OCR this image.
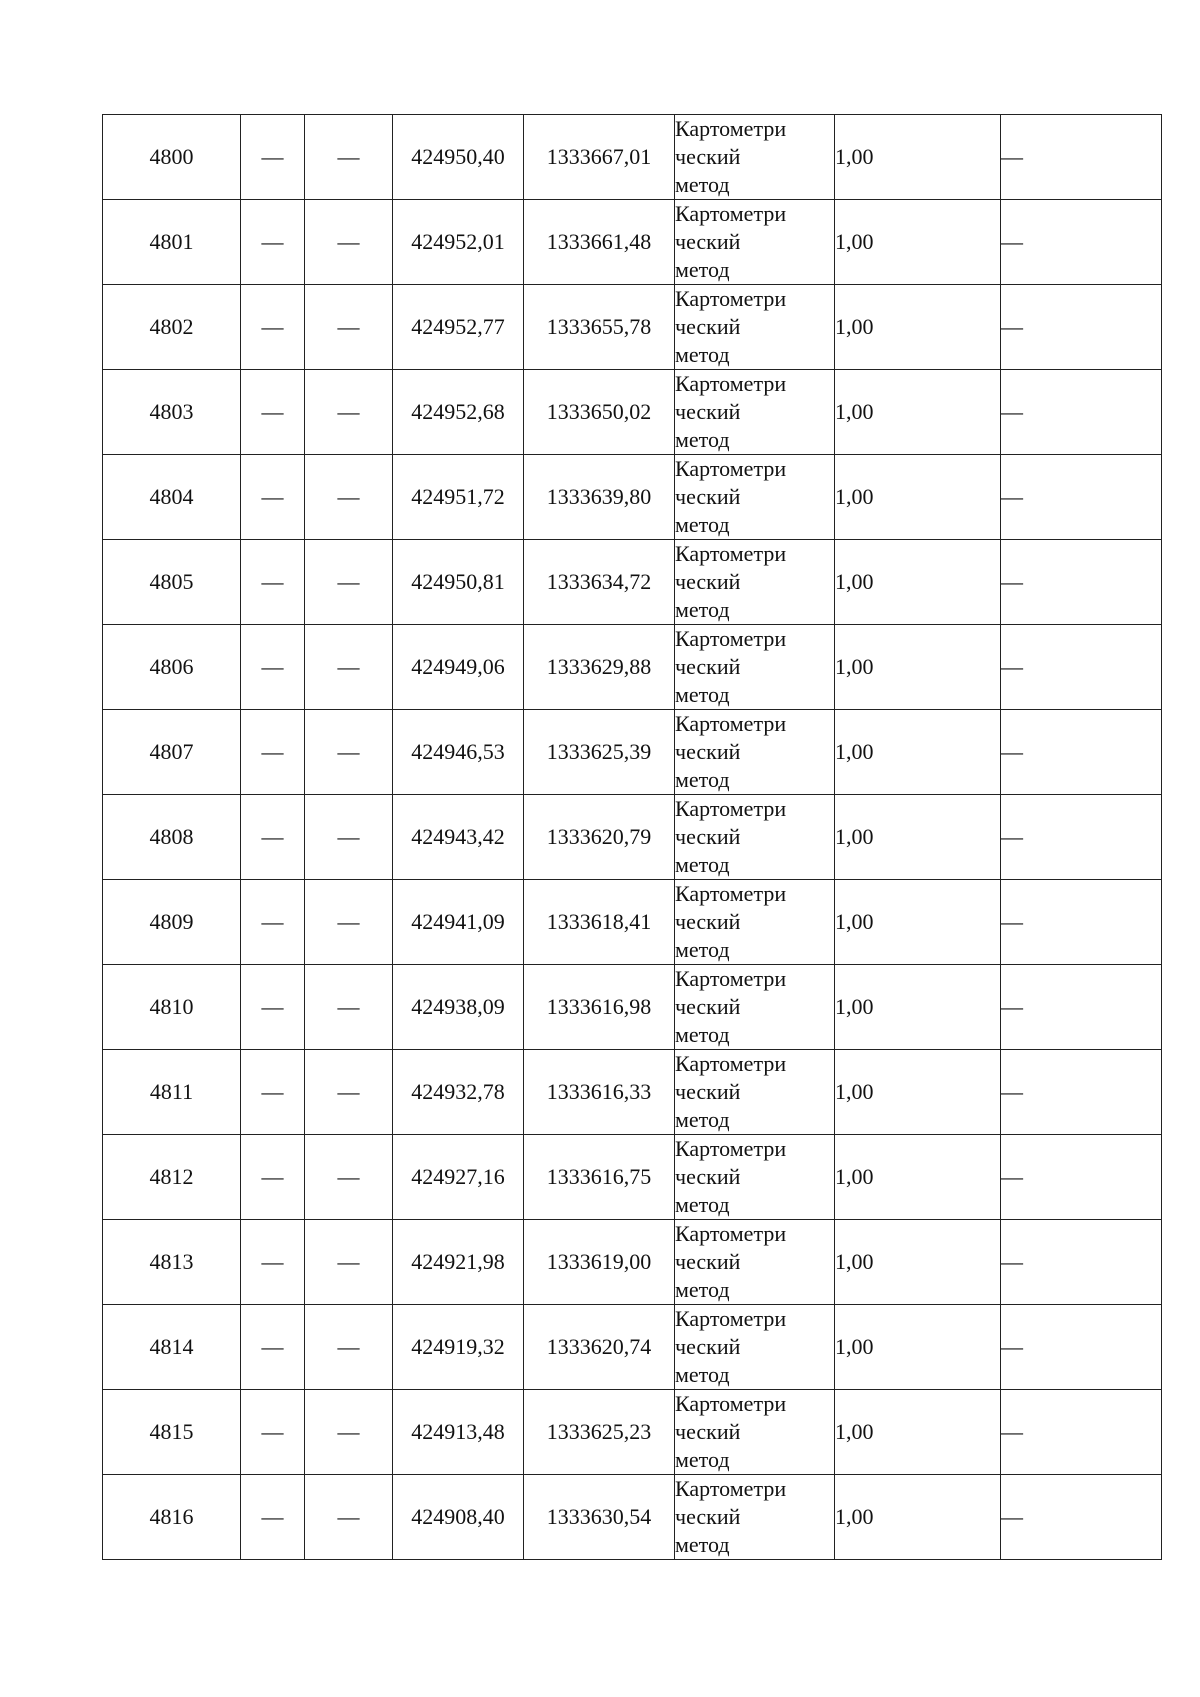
4800	—	—	424950,40	1333667,01	Картометри
ческий
метод	1,00	—
4801	—	—	424952,01	1333661,48	Картометри
ческий
метод	1,00	—
4802	—	—	424952,77	1333655,78	Картометри
ческий
метод	1,00	—
4803	—	—	424952,68	1333650,02	Картометри
ческий
метод	1,00	—
4804	—	—	424951,72	1333639,80	Картометри
ческий
метод	1,00	—
4805	—	—	424950,81	1333634,72	Картометри
ческий
метод	1,00	—
4806	—	—	424949,06	1333629,88	Картометри
ческий
метод	1,00	—
4807	—	—	424946,53	1333625,39	Картометри
ческий
метод	1,00	—
4808	—	—	424943,42	1333620,79	Картометри
ческий
метод	1,00	—
4809	—	—	424941,09	1333618,41	Картометри
ческий
метод	1,00	—
4810	—	—	424938,09	1333616,98	Картометри
ческий
метод	1,00	—
4811	—	—	424932,78	1333616,33	Картометри
ческий
метод	1,00	—
4812	—	—	424927,16	1333616,75	Картометри
ческий
метод	1,00	—
4813	—	—	424921,98	1333619,00	Картометри
ческий
метод	1,00	—
4814	—	—	424919,32	1333620,74	Картометри
ческий
метод	1,00	—
4815	—	—	424913,48	1333625,23	Картометри
ческий
метод	1,00	—
4816	—	—	424908,40	1333630,54	Картометри
ческий
метод	1,00	—
